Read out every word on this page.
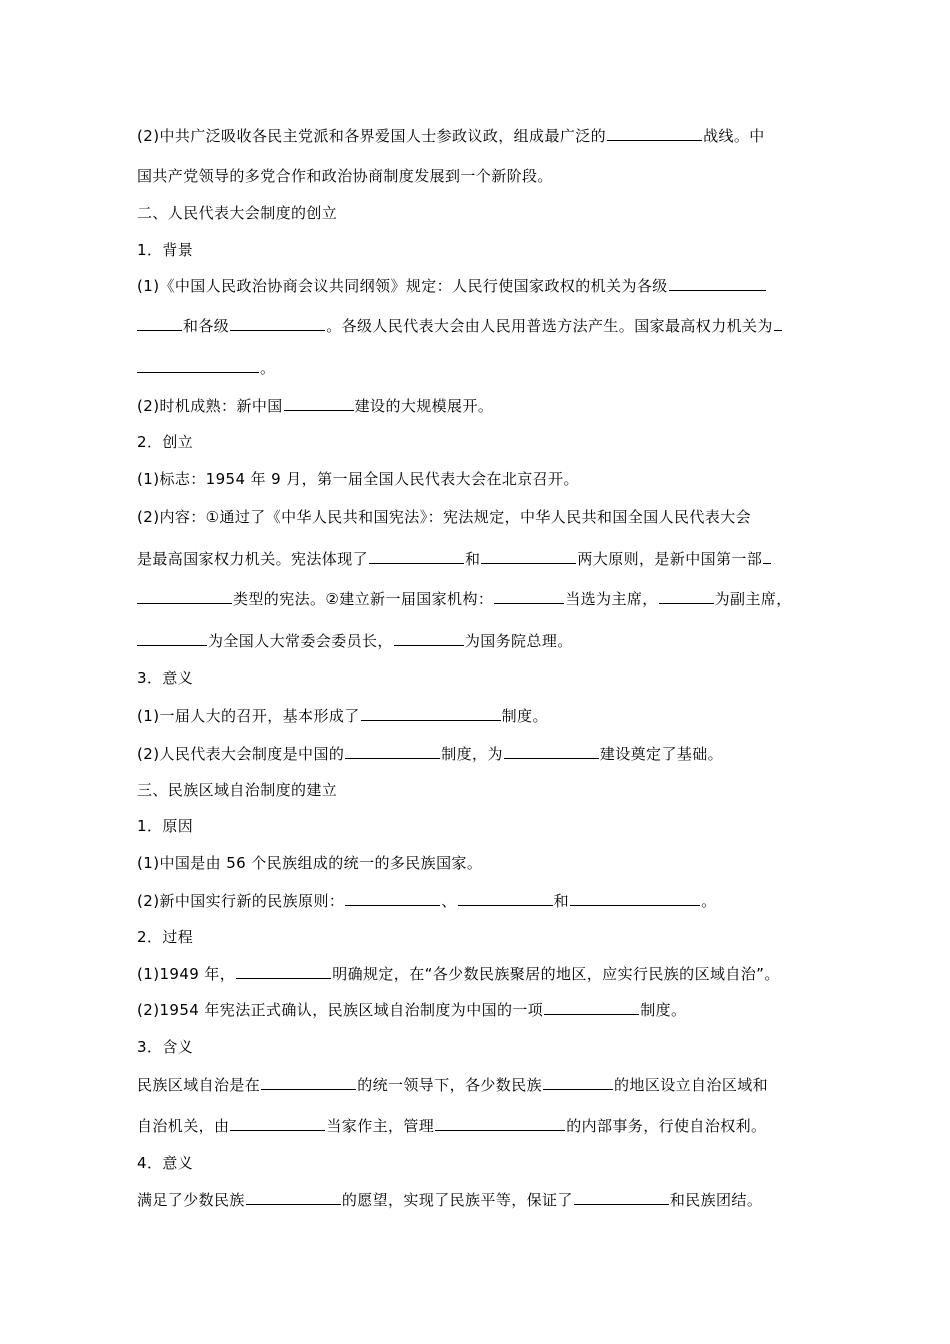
(2)中共广泛吸收各民主党派和各界爱国人士参政议政，组成最广泛的	战线。中
国共产党领导的多党合作和政治协商制度发展到一个新阶段。
二、人民代表大会制度的创立
1．背景
(1)《中国人民政治协商会议共同纲领》规定：人民行使国家政权的机关为各级
和各级	。各级人民代表大会由人民用普选方法产生。国家最高权力机关为
。
(2)时机成熟：新中国	建设的大规模展开。
2．创立
(1)标志：1954 年 9 月，第一届全国人民代表大会在北京召开。
(2)内容：①通过了《中华人民共和国宪法》：宪法规定，中华人民共和国全国人民代表大会
是最高国家权力机关。宪法体现了	和	两大原则，是新中国第一部
类型的宪法。②建立新一届国家机构：	当选为主席，	为副主席，
为全国人大常委会委员长，	为国务院总理。
3．意义
(1)一届人大的召开，基本形成了	制度。
(2)人民代表大会制度是中国的	制度，为	建设奠定了基础。
三、民族区域自治制度的建立
1．原因
(1)中国是由 56 个民族组成的统一的多民族国家。
(2)新中国实行新的民族原则：	、	和	。
2．过程
(1)1949 年，	明确规定，在“各少数民族聚居的地区，应实行民族的区域自治”。
(2)1954 年宪法正式确认，民族区域自治制度为中国的一项	制度。
3．含义
民族区域自治是在	的统一领导下，各少数民族	的地区设立自治区域和
自治机关，由	当家作主，管理	的内部事务，行使自治权利。
4．意义
满足了少数民族	的愿望，实现了民族平等，保证了	和民族团结。
